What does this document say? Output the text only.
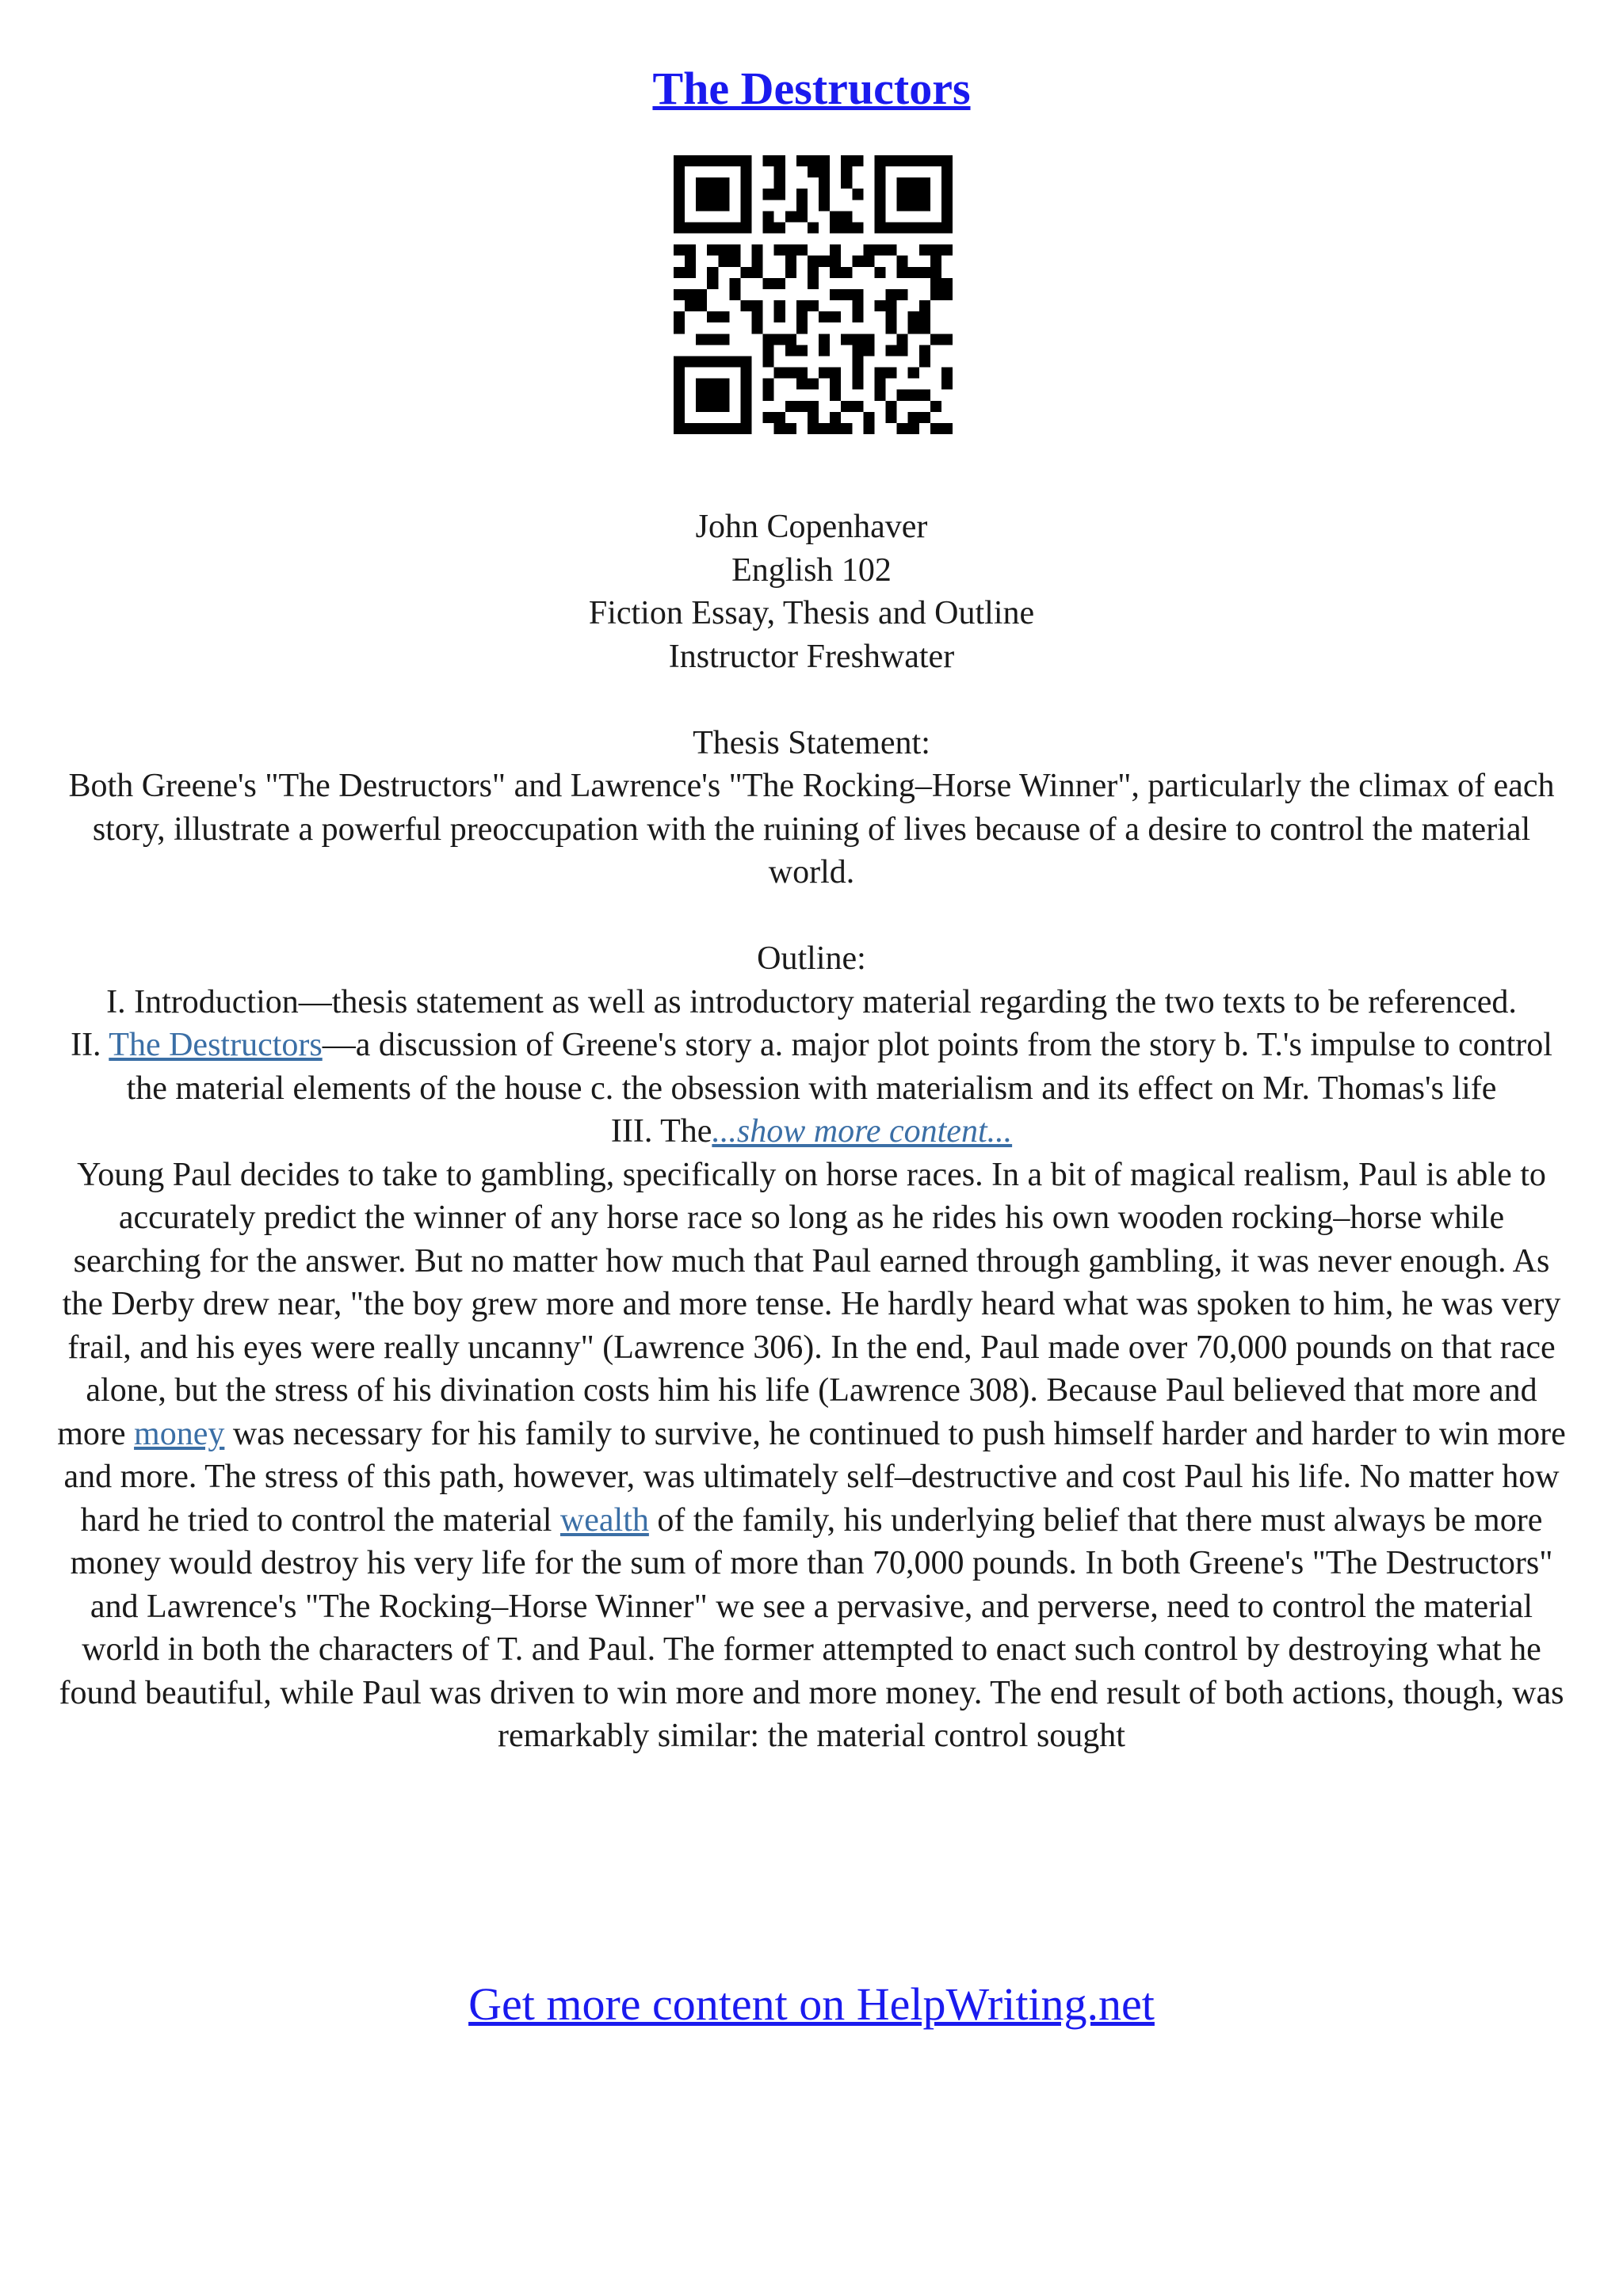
The Destructors

John Copenhaver

English 102

Fiction Essay, Thesis and Outline

Instructor Freshwater

Thesis Statement:

Both Greene's "The Destructors" and Lawrence's "The Rocking–Horse Winner", particularly the climax of each story, illustrate a powerful preoccupation with the ruining of lives because of a desire to control the material world.

Outline:

I. Introduction—thesis statement as well as introductory material regarding the two texts to be referenced.

II. The Destructors—a discussion of Greene's story a. major plot points from the story b. T.'s impulse to control the material elements of the house c. the obsession with materialism and its effect on Mr. Thomas's life

III. The...show more content...

Young Paul decides to take to gambling, specifically on horse races. In a bit of magical realism, Paul is able to accurately predict the winner of any horse race so long as he rides his own wooden rocking–horse while searching for the answer. But no matter how much that Paul earned through gambling, it was never enough. As the Derby drew near, "the boy grew more and more tense. He hardly heard what was spoken to him, he was very frail, and his eyes were really uncanny" (Lawrence 306). In the end, Paul made over 70,000 pounds on that race alone, but the stress of his divination costs him his life (Lawrence 308). Because Paul believed that more and more money was necessary for his family to survive, he continued to push himself harder and harder to win more and more. The stress of this path, however, was ultimately self–destructive and cost Paul his life. No matter how hard he tried to control the material wealth of the family, his underlying belief that there must always be more money would destroy his very life for the sum of more than 70,000 pounds. In both Greene's "The Destructors" and Lawrence's "The Rocking–Horse Winner" we see a pervasive, and perverse, need to control the material world in both the characters of T. and Paul. The former attempted to enact such control by destroying what he found beautiful, while Paul was driven to win more and more money. The end result of both actions, though, was remarkably similar: the material control sought

Get more content on HelpWriting.net
